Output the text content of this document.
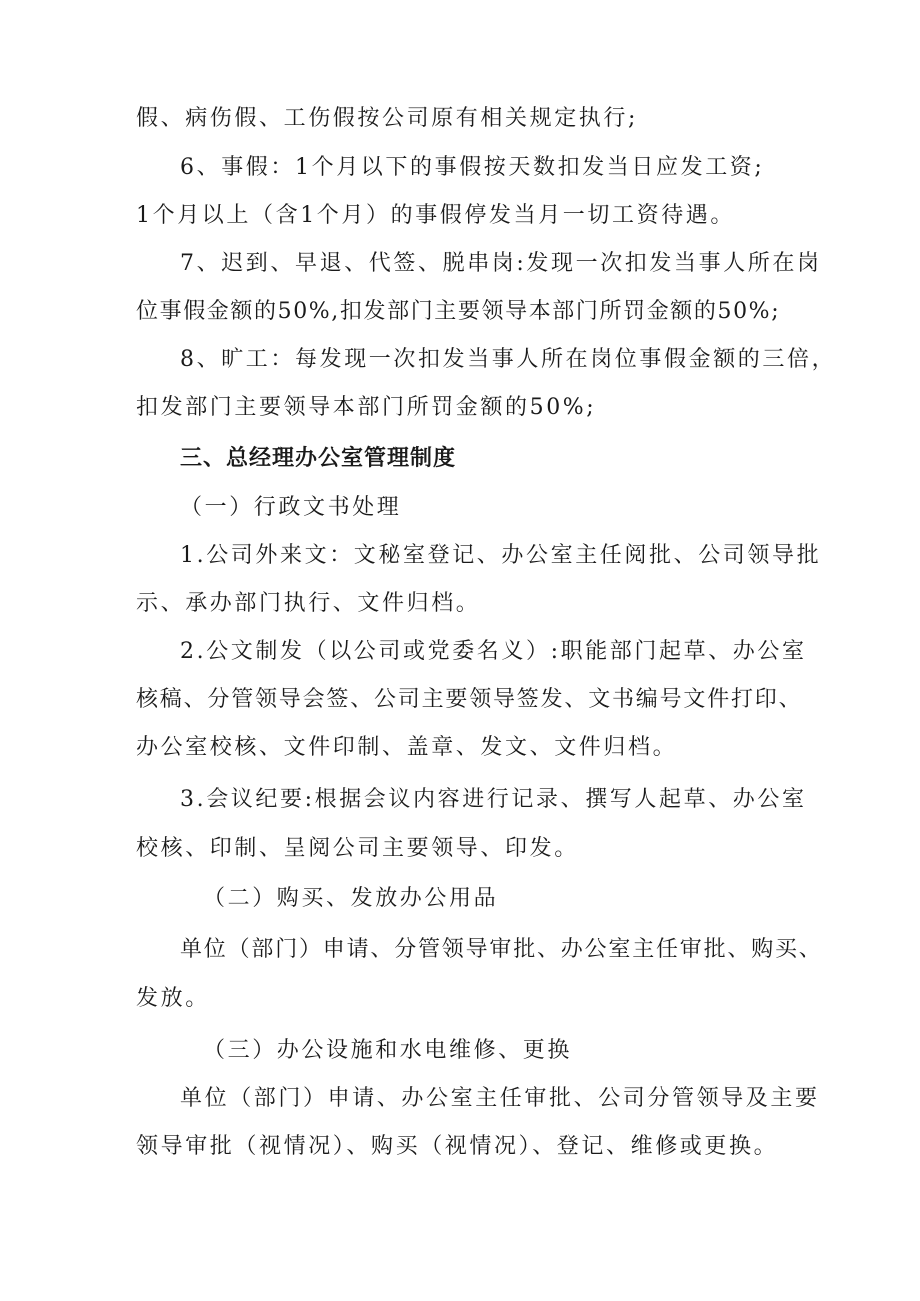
假、病伤假、工伤假按公司原有相关规定执行;
6、事假：1个月以下的事假按天数扣发当日应发工资;
1个月以上（含1个月）的事假停发当月一切工资待遇。
7、迟到、早退、代签、脱串岗:发现一次扣发当事人所在岗
位事假金额的50%,扣发部门主要领导本部门所罚金额的50%;
8、旷工：每发现一次扣发当事人所在岗位事假金额的三倍，
扣发部门主要领导本部门所罚金额的50%;
三、总经理办公室管理制度
（一）行政文书处理
1.公司外来文：文秘室登记、办公室主任阅批、公司领导批
示、承办部门执行、文件归档。
2.公文制发（以公司或党委名义）:职能部门起草、办公室
核稿、分管领导会签、公司主要领导签发、文书编号文件打印、
办公室校核、文件印制、盖章、发文、文件归档。
3.会议纪要:根据会议内容进行记录、撰写人起草、办公室
校核、印制、呈阅公司主要领导、印发。
（二）购买、发放办公用品
单位（部门）申请、分管领导审批、办公室主任审批、购买、
发放。
（三）办公设施和水电维修、更换
单位（部门）申请、办公室主任审批、公司分管领导及主要
领导审批（视情况）、购买（视情况）、登记、维修或更换。
